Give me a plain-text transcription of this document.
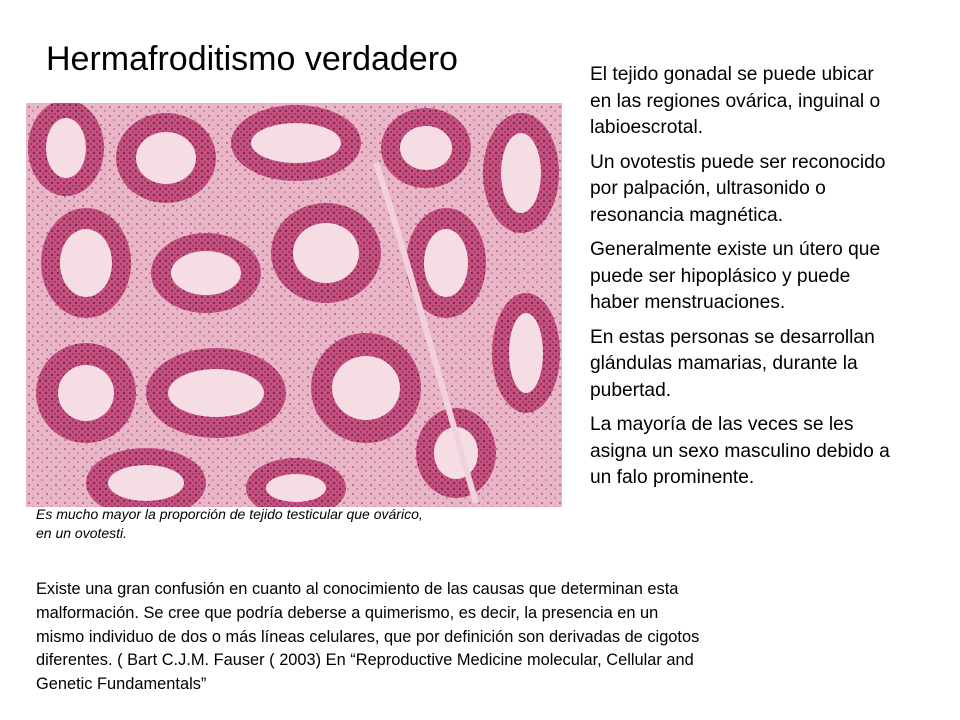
Hermafroditismo verdadero

Es mucho mayor la proporción de tejido testicular que ovárico,
en un ovotesti.

El tejido gonadal se puede ubicar
en las regiones ovárica, inguinal o
labioescrotal.
Un ovotestis puede ser reconocido
por palpación, ultrasonido o
resonancia magnética.
Generalmente existe un útero que
puede ser hipoplásico y puede
haber menstruaciones.
En estas personas se desarrollan
glándulas mamarias, durante la
pubertad.
La mayoría de las veces se les
asigna un sexo masculino debido a
un falo prominente.

Existe una gran confusión en cuanto al conocimiento de las causas que determinan esta
malformación. Se cree que podría deberse a quimerismo, es decir, la presencia en un
mismo individuo de dos o más líneas celulares, que por definición son derivadas de cigotos
diferentes. ( Bart C.J.M. Fauser ( 2003) En “Reproductive Medicine molecular, Cellular and
Genetic Fundamentals”
